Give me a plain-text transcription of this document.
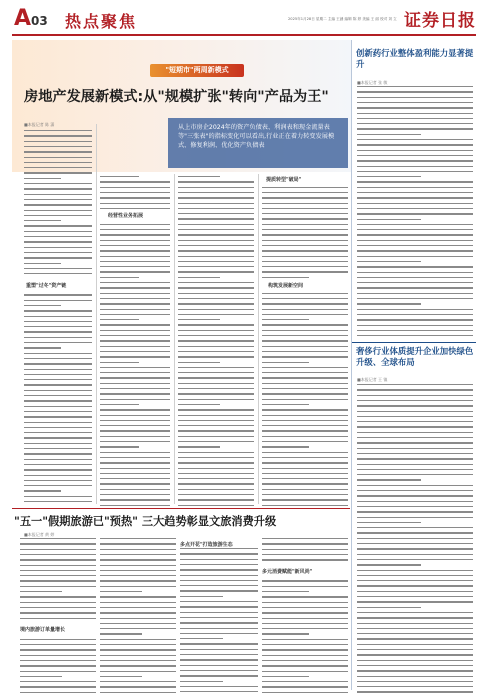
A 03 热点聚焦	2025年1月28日 星期二 主编 王涵 编辑 陈 婷 美编 王 丽 校对 刘 立 证券日报
"短期市"两周新模式
房地产发展新模式:从"规模扩张"转向"产品为王"
从上市房企2024年的资产负债表、利润表和现金流量表等"三张表"的指标变化可以看出,行业正在着力转变发展模式、修复利润、优化资产负债表
■本报记者 陈 潇
重塑"过冬"资产链
经营性业务拓展
提质转型"破局"
构筑发展新空间
创新药行业整体盈利能力显著提升
■本报记者 张 敏
奢侈行业体质提升企业加快绿色升级、全球布局
■本报记者 王 镇
"五一"假期旅游已"预热" 三大趋势彰显文旅消费升级
■本报记者 黄 婷
境内旅游订单量增长
多点开花"打造旅游生态
多元消费赋能"新风尚"
